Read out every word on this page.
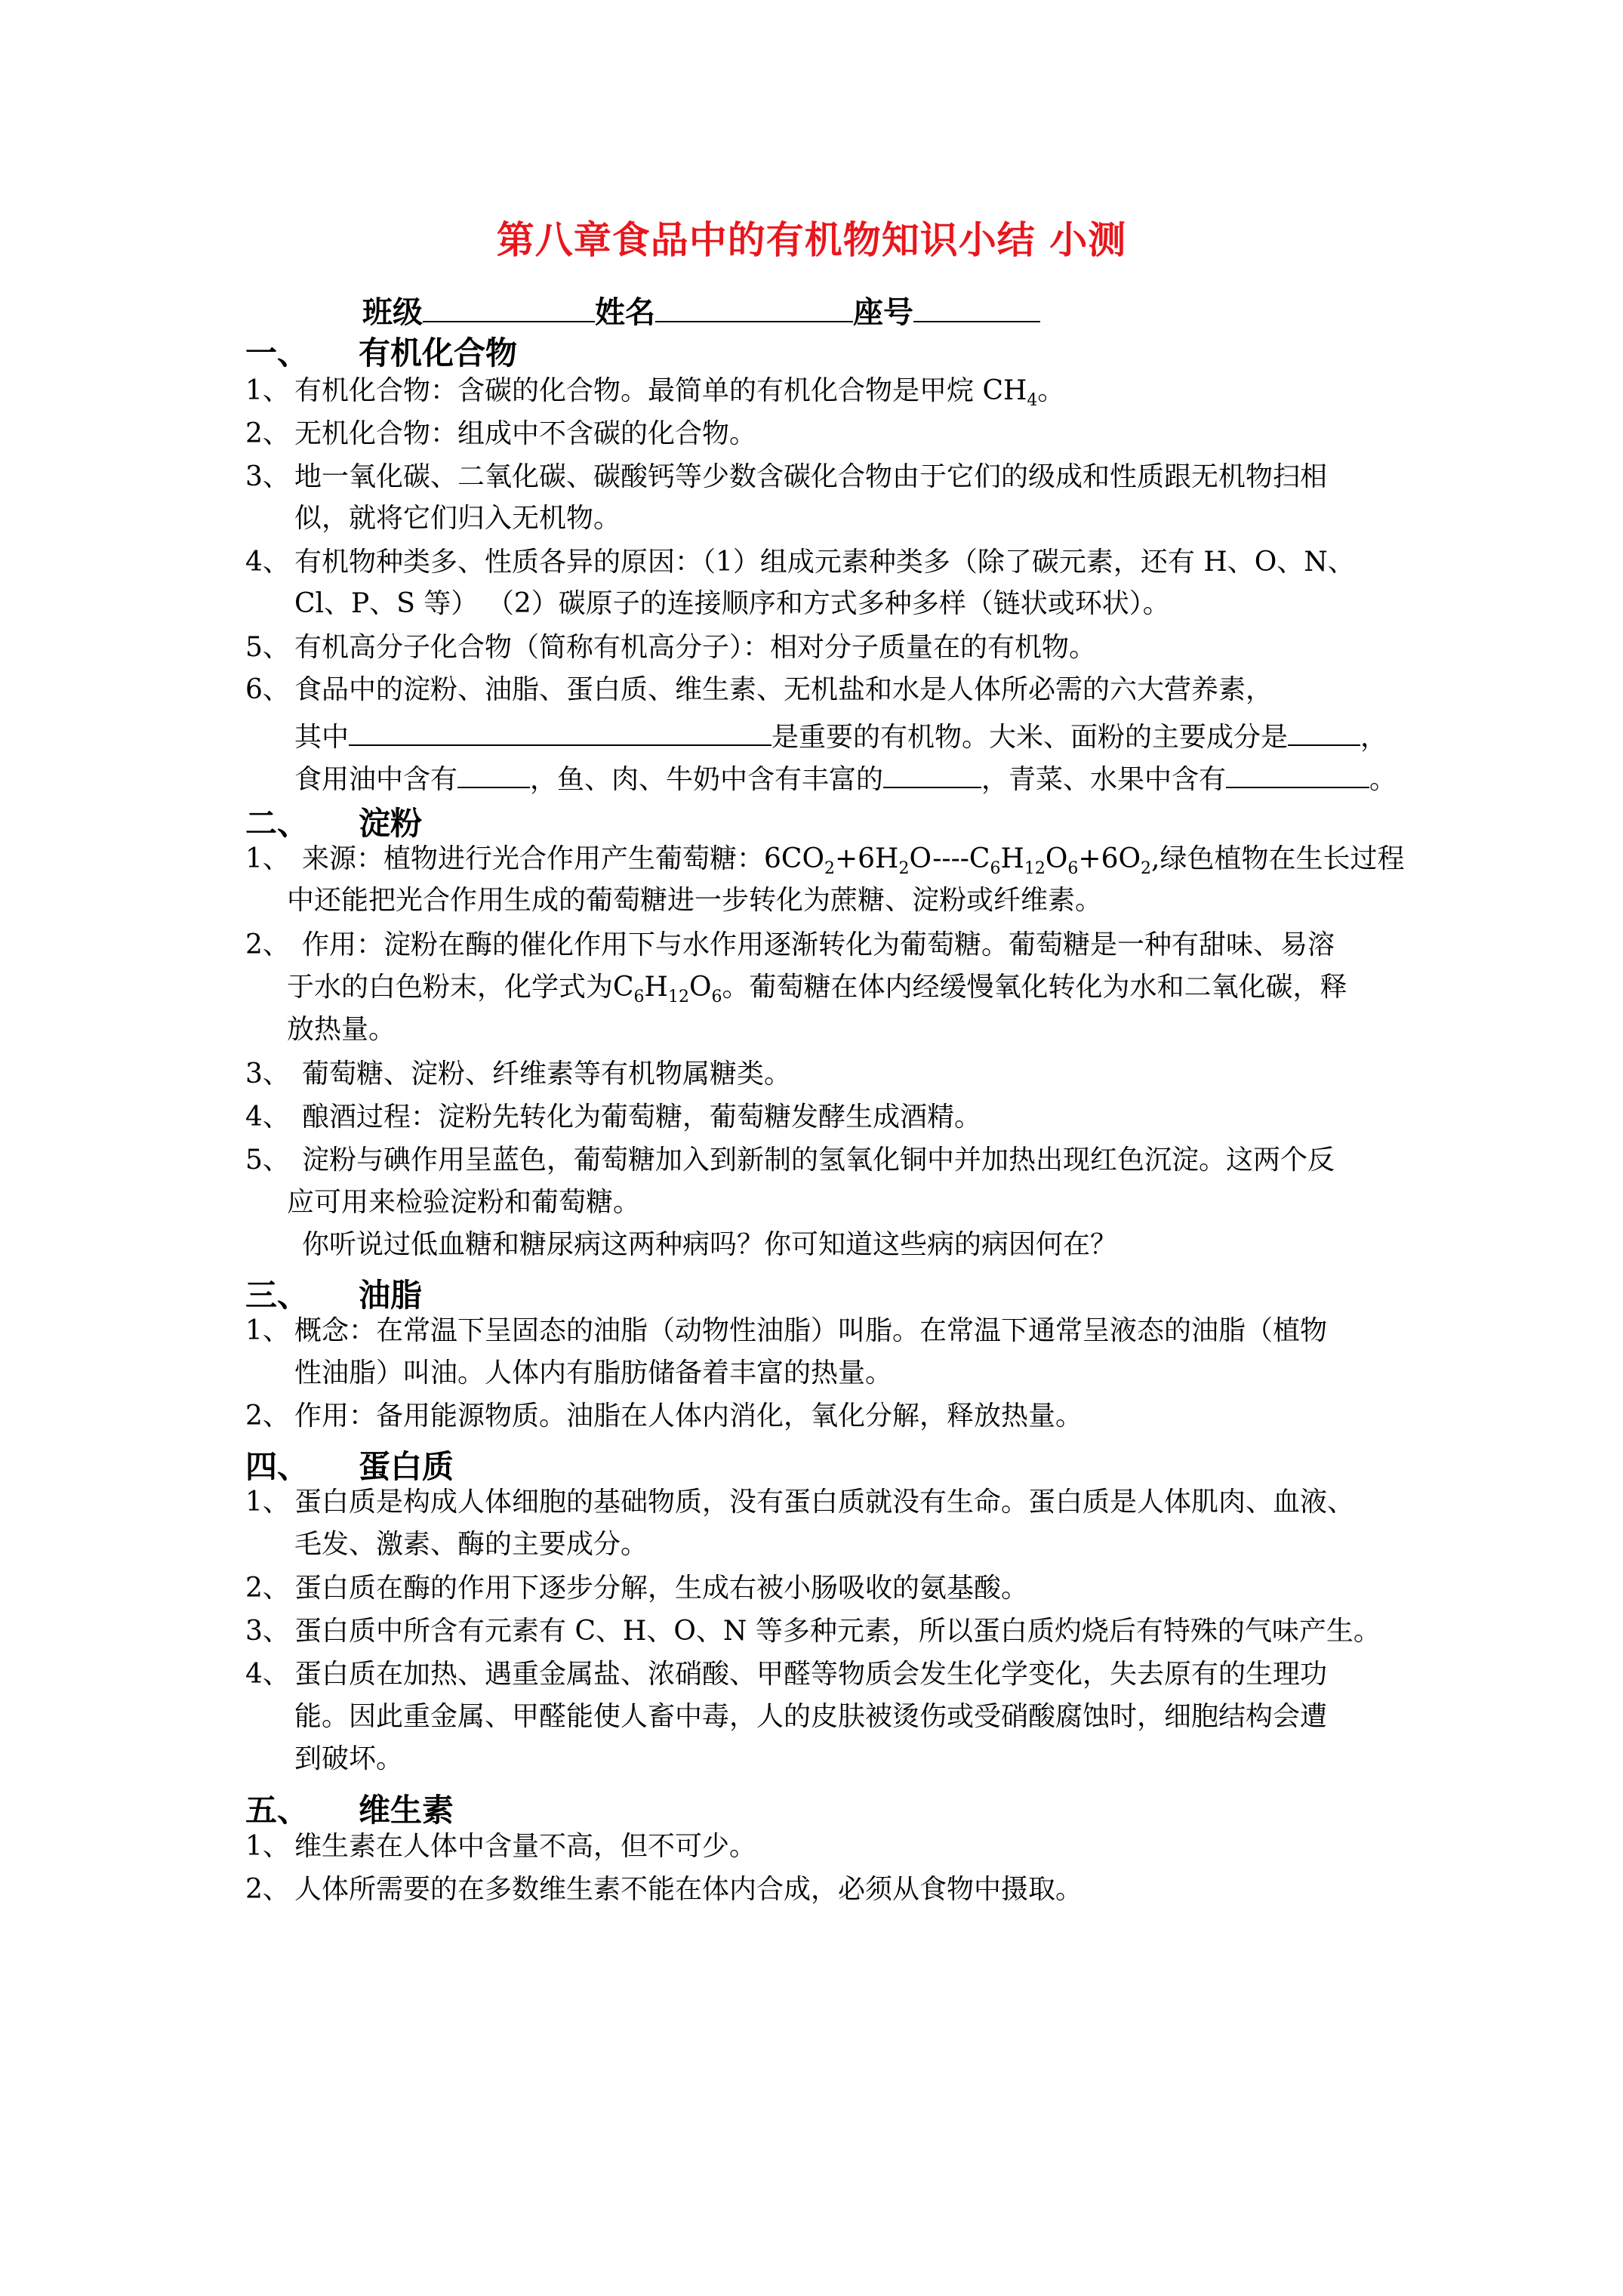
第八章食品中的有机物知识小结 小测
班级	姓名	座号
一、 有机化合物
1、 有机化合物：含碳的化合物。最简单的有机化合物是甲烷 $CH_4$。
2、 无机化合物：组成中不含碳的化合物。
3、 地一氧化碳、二氧化碳、碳酸钙等少数含碳化合物由于它们的级成和性质跟无机物扫相
似，就将它们归入无机物。
4、 有机物种类多、性质各异的原因：（1）组成元素种类多（除了碳元素，还有 H、O、N、
Cl、P、S 等） （2）碳原子的连接顺序和方式多种多样（链状或环状）。
5、 有机高分子化合物（简称有机高分子）：相对分子质量在的有机物。
6、 食品中的淀粉、油脂、蛋白质、维生素、无机盐和水是人体所必需的六大营养素，
其中	是重要的有机物。大米、面粉的主要成分是	，
食用油中含有	，鱼、肉、牛奶中含有丰富的	，青菜、水果中含有	。
二、 淀粉
1、 来源：植物进行光合作用产生葡萄糖：$6CO_2+6H_2O----C_6H_{12}O_6+6O_2$,绿色植物在生长过程
中还能把光合作用生成的葡萄糖进一步转化为蔗糖、淀粉或纤维素。
2、 作用：淀粉在酶的催化作用下与水作用逐渐转化为葡萄糖。葡萄糖是一种有甜味、易溶
于水的白色粉末，化学式为$C_6H_{12}O_6$。葡萄糖在体内经缓慢氧化转化为水和二氧化碳，释
放热量。
3、 葡萄糖、淀粉、纤维素等有机物属糖类。
4、 酿酒过程：淀粉先转化为葡萄糖，葡萄糖发酵生成酒精。
5、 淀粉与碘作用呈蓝色，葡萄糖加入到新制的氢氧化铜中并加热出现红色沉淀。这两个反
应可用来检验淀粉和葡萄糖。
你听说过低血糖和糖尿病这两种病吗？你可知道这些病的病因何在？
三、 油脂
1、 概念：在常温下呈固态的油脂（动物性油脂）叫脂。在常温下通常呈液态的油脂（植物
性油脂）叫油。人体内有脂肪储备着丰富的热量。
2、 作用：备用能源物质。油脂在人体内消化，氧化分解，释放热量。
四、 蛋白质
1、 蛋白质是构成人体细胞的基础物质，没有蛋白质就没有生命。蛋白质是人体肌肉、血液、
毛发、激素、酶的主要成分。
2、 蛋白质在酶的作用下逐步分解，生成右被小肠吸收的氨基酸。
3、 蛋白质中所含有元素有 C、H、O、N 等多种元素，所以蛋白质灼烧后有特殊的气味产生。
4、 蛋白质在加热、遇重金属盐、浓硝酸、甲醛等物质会发生化学变化，失去原有的生理功
能。因此重金属、甲醛能使人畜中毒，人的皮肤被烫伤或受硝酸腐蚀时，细胞结构会遭
到破坏。
五、 维生素
1、 维生素在人体中含量不高，但不可少。
2、 人体所需要的在多数维生素不能在体内合成，必须从食物中摄取。
